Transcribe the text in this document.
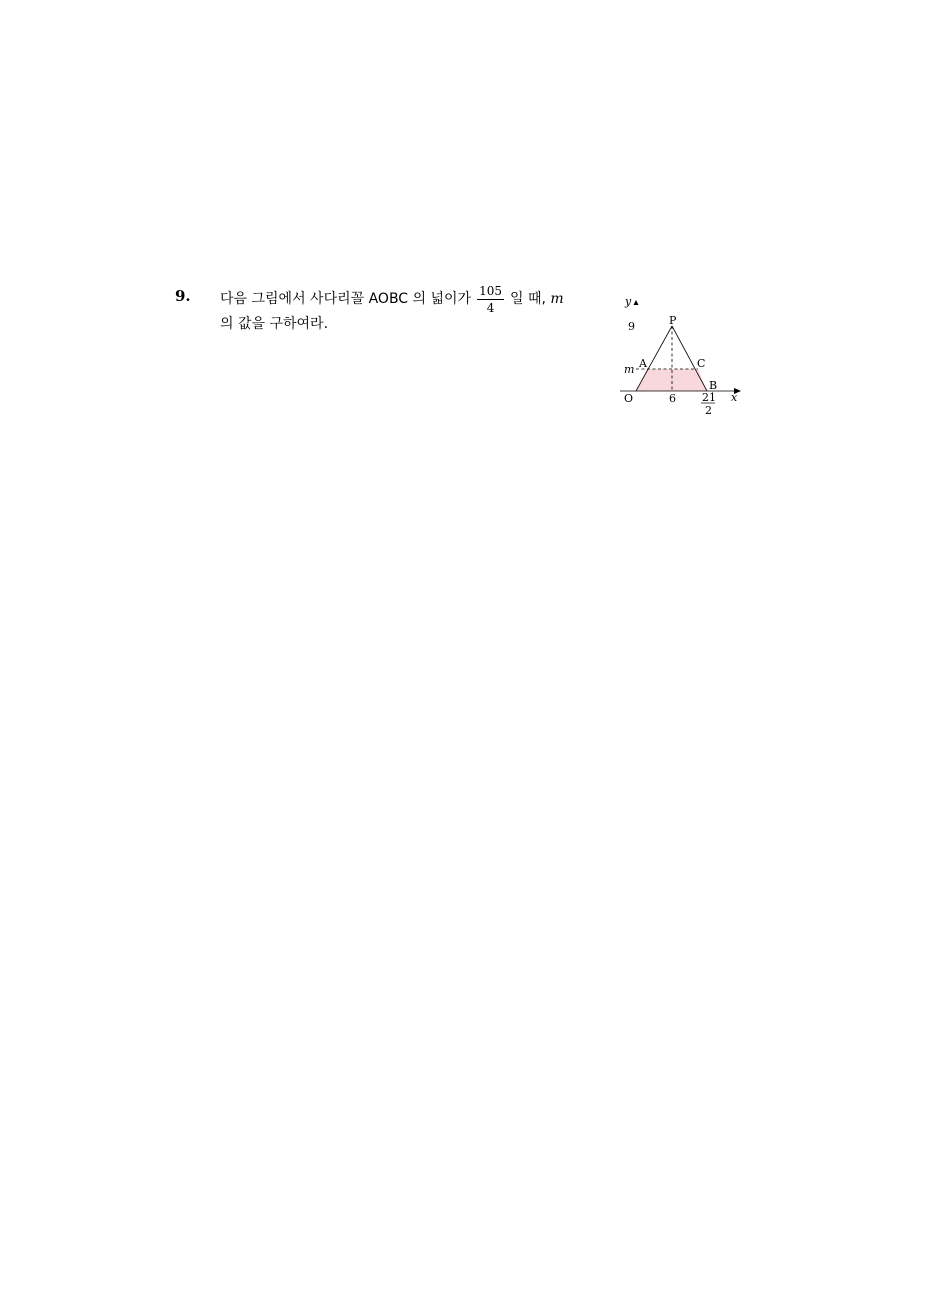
9. 다음 그림에서 사다리꼴 AOBC 의 넓이가 $\frac{105}{4}$ 일 때,
m
의 값을 구하여라.
y
x
O
9
m
6 21
2
P
A	C
B
